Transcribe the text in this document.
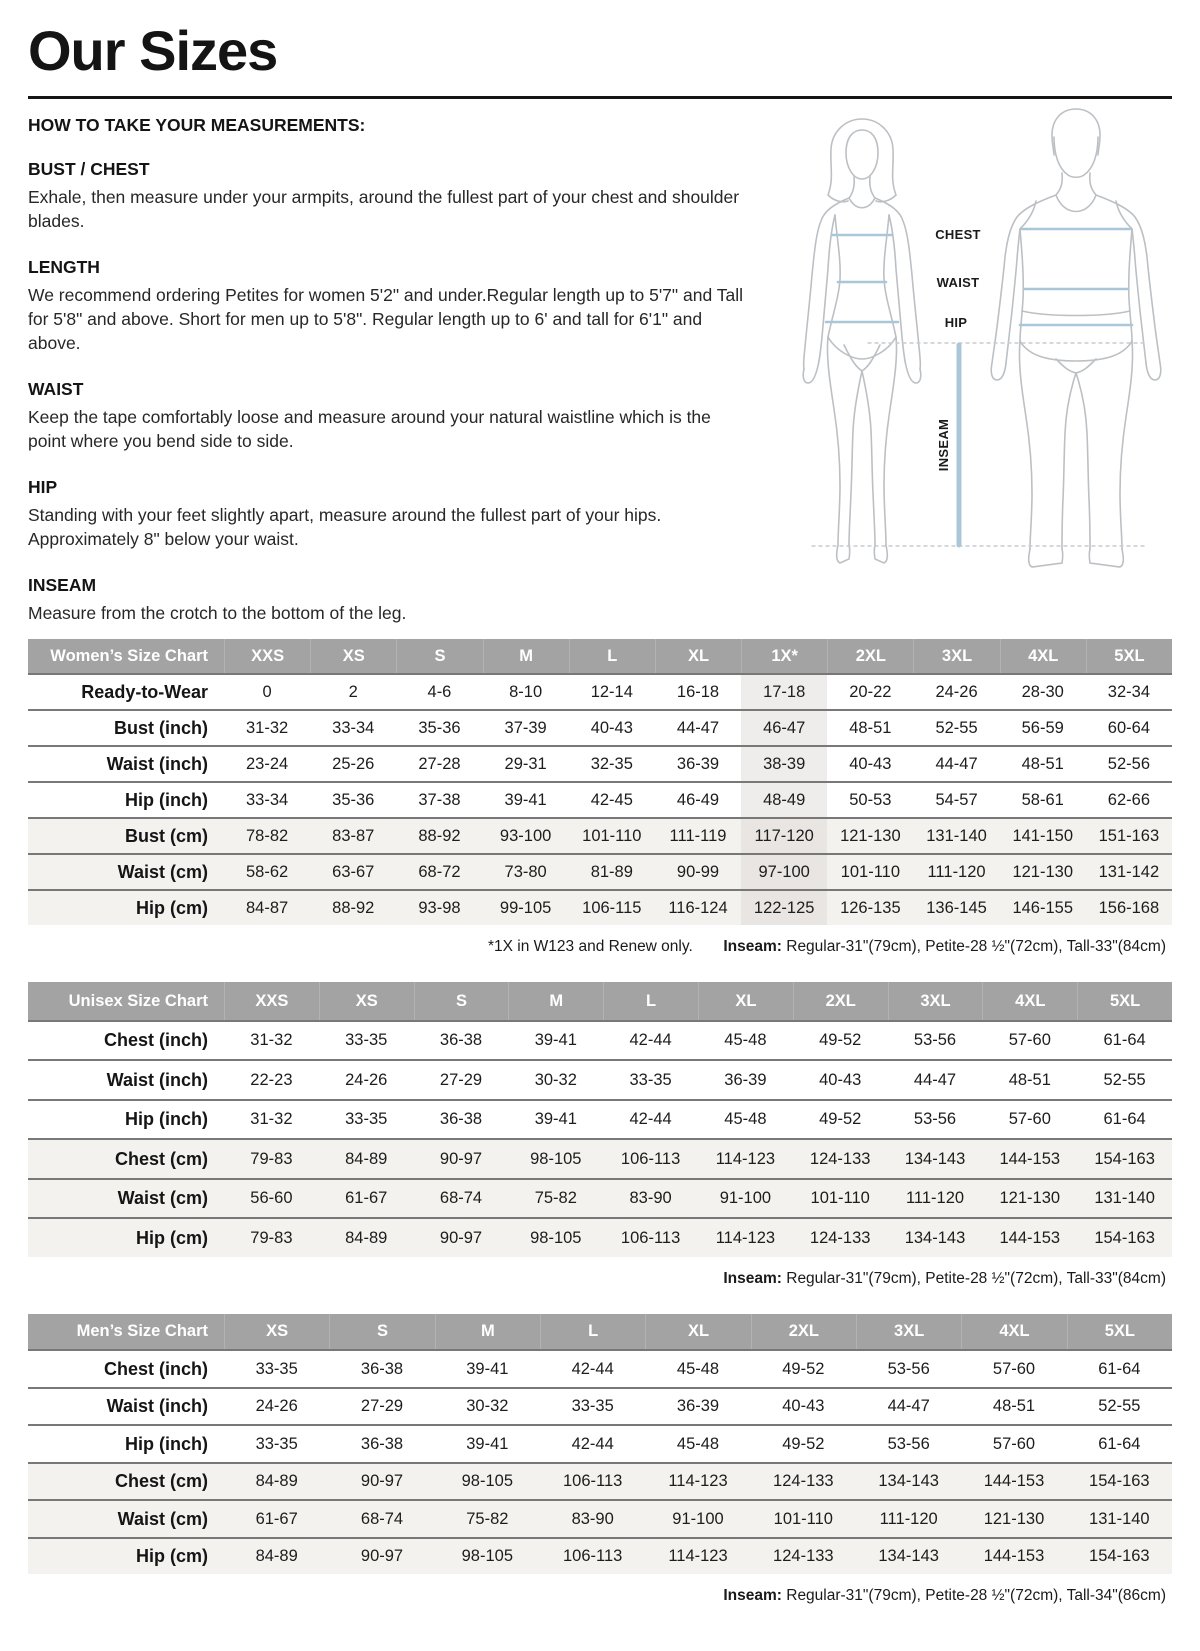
Our Sizes
HOW TO TAKE YOUR MEASUREMENTS:
BUST / CHEST

Exhale, then measure under your armpits, around the fullest part of your chest and shoulder blades.

LENGTH

We recommend ordering Petites for women 5'2" and under.Regular length up to 5'7" and Tall for 5'8" and above. Short for men up to 5'8". Regular length up to 6' and tall for 6'1" and above.

WAIST

Keep the tape comfortably loose and measure around your natural waistline which is the point where you bend side to side.

HIP

Standing with your feet slightly apart, measure around the fullest part of your hips. Approximately 8" below your waist.

INSEAM

Measure from the crotch to the bottom of the leg.

CHEST
WAIST
HIP
INSEAM
Women’s Size Chart	XXS	XS	S	M	L	XL	1X*	2XL	3XL	4XL	5XL
Ready-to-Wear	0	2	4-6	8-10	12-14	16-18	17-18	20-22	24-26	28-30	32-34
Bust (inch)	31-32	33-34	35-36	37-39	40-43	44-47	46-47	48-51	52-55	56-59	60-64
Waist (inch)	23-24	25-26	27-28	29-31	32-35	36-39	38-39	40-43	44-47	48-51	52-56
Hip (inch)	33-34	35-36	37-38	39-41	42-45	46-49	48-49	50-53	54-57	58-61	62-66
Bust (cm)	78-82	83-87	88-92	93-100	101-110	111-119	117-120	121-130	131-140	141-150	151-163
Waist (cm)	58-62	63-67	68-72	73-80	81-89	90-99	97-100	101-110	111-120	121-130	131-142
Hip (cm)	84-87	88-92	93-98	99-105	106-115	116-124	122-125	126-135	136-145	146-155	156-168
*1X in W123 and Renew only. Inseam: Regular-31"(79cm), Petite-28 ½"(72cm), Tall-33"(84cm)
Unisex Size Chart	XXS	XS	S	M	L	XL	2XL	3XL	4XL	5XL
Chest (inch)	31-32	33-35	36-38	39-41	42-44	45-48	49-52	53-56	57-60	61-64
Waist (inch)	22-23	24-26	27-29	30-32	33-35	36-39	40-43	44-47	48-51	52-55
Hip (inch)	31-32	33-35	36-38	39-41	42-44	45-48	49-52	53-56	57-60	61-64
Chest (cm)	79-83	84-89	90-97	98-105	106-113	114-123	124-133	134-143	144-153	154-163
Waist (cm)	56-60	61-67	68-74	75-82	83-90	91-100	101-110	111-120	121-130	131-140
Hip (cm)	79-83	84-89	90-97	98-105	106-113	114-123	124-133	134-143	144-153	154-163
Inseam: Regular-31"(79cm), Petite-28 ½"(72cm), Tall-33"(84cm)
Men’s Size Chart	XS	S	M	L	XL	2XL	3XL	4XL	5XL
Chest (inch)	33-35	36-38	39-41	42-44	45-48	49-52	53-56	57-60	61-64
Waist (inch)	24-26	27-29	30-32	33-35	36-39	40-43	44-47	48-51	52-55
Hip (inch)	33-35	36-38	39-41	42-44	45-48	49-52	53-56	57-60	61-64
Chest (cm)	84-89	90-97	98-105	106-113	114-123	124-133	134-143	144-153	154-163
Waist (cm)	61-67	68-74	75-82	83-90	91-100	101-110	111-120	121-130	131-140
Hip (cm)	84-89	90-97	98-105	106-113	114-123	124-133	134-143	144-153	154-163
Inseam: Regular-31"(79cm), Petite-28 ½"(72cm), Tall-34"(86cm)
